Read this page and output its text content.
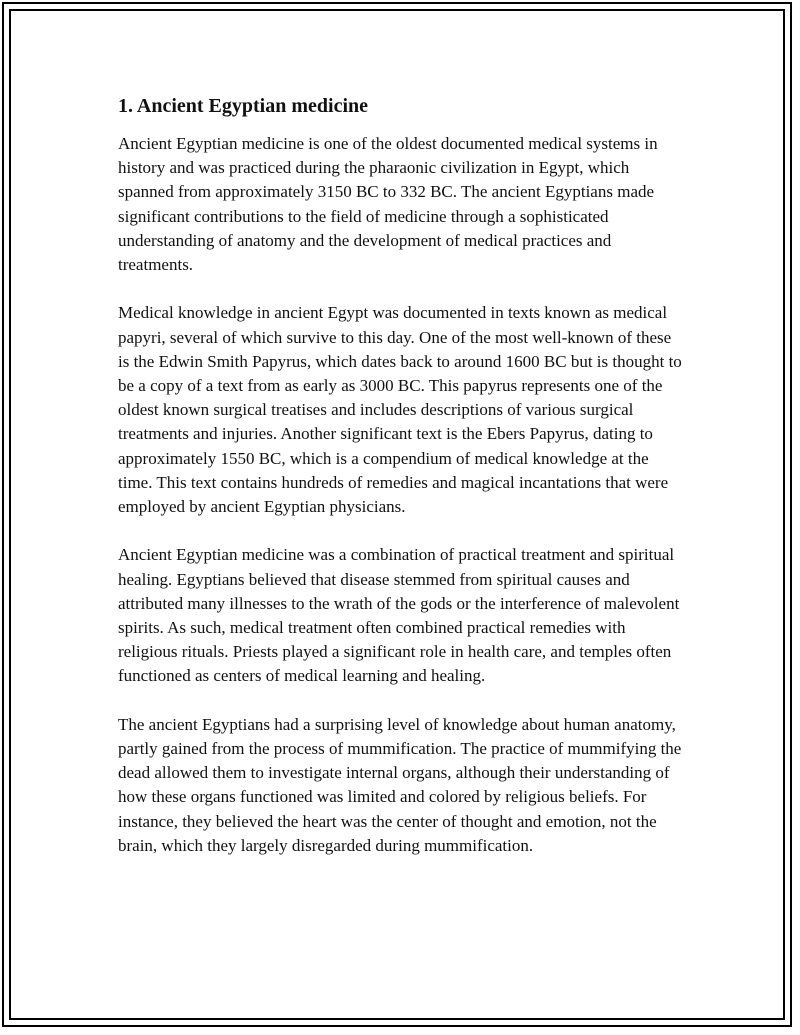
1. Ancient Egyptian medicine

Ancient Egyptian medicine is one of the oldest documented medical systems in history and was practiced during the pharaonic civilization in Egypt, which spanned from approximately 3150 BC to 332 BC. The ancient Egyptians made significant contributions to the field of medicine through a sophisticated understanding of anatomy and the development of medical practices and treatments.

Medical knowledge in ancient Egypt was documented in texts known as medical papyri, several of which survive to this day. One of the most well-known of these is the Edwin Smith Papyrus, which dates back to around 1600 BC but is thought to be a copy of a text from as early as 3000 BC. This papyrus represents one of the oldest known surgical treatises and includes descriptions of various surgical treatments and injuries. Another significant text is the Ebers Papyrus, dating to approximately 1550 BC, which is a compendium of medical knowledge at the time. This text contains hundreds of remedies and magical incantations that were employed by ancient Egyptian physicians.

Ancient Egyptian medicine was a combination of practical treatment and spiritual healing. Egyptians believed that disease stemmed from spiritual causes and attributed many illnesses to the wrath of the gods or the interference of malevolent spirits. As such, medical treatment often combined practical remedies with religious rituals. Priests played a significant role in health care, and temples often functioned as centers of medical learning and healing.

The ancient Egyptians had a surprising level of knowledge about human anatomy, partly gained from the process of mummification. The practice of mummifying the dead allowed them to investigate internal organs, although their understanding of how these organs functioned was limited and colored by religious beliefs. For instance, they believed the heart was the center of thought and emotion, not the brain, which they largely disregarded during mummification.
